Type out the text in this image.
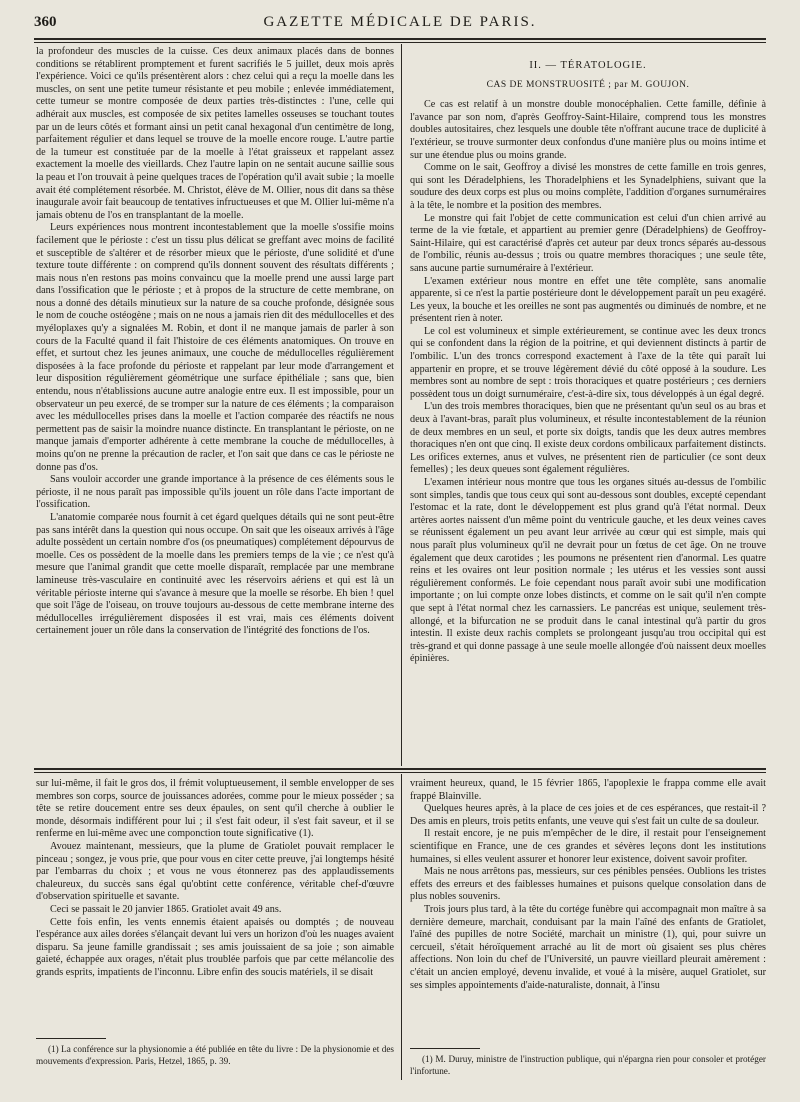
360	GAZETTE MÉDICALE DE PARIS.

la profondeur des muscles de la cuisse. Ces deux animaux placés dans de bonnes conditions se rétablirent promptement et furent sacrifiés le 5 juillet, deux mois après l'expérience. Voici ce qu'ils présentèrent alors : chez celui qui a reçu la moelle dans les muscles, on sent une petite tumeur résistante et peu mobile ; enlevée immédiatement, cette tumeur se montre composée de deux parties très-distinctes : l'une, celle qui adhérait aux muscles, est composée de six petites lamelles osseuses se touchant toutes par un de leurs côtés et formant ainsi un petit canal hexagonal d'un centimètre de long, parfaitement régulier et dans lequel se trouve de la moelle encore rouge. L'autre partie de la tumeur est constituée par de la moelle à l'état graisseux et rappelant assez exactement la moelle des vieillards. Chez l'autre lapin on ne sentait aucune saillie sous la peau et l'on trouvait à peine quelques traces de l'opération qu'il avait subie ; la moelle avait été complétement résorbée. M. Christot, élève de M. Ollier, nous dit dans sa thèse inaugurale avoir fait beaucoup de tentatives infructueuses et que M. Ollier lui-même n'a jamais obtenu de l'os en transplantant de la moelle.

Leurs expériences nous montrent incontestablement que la moelle s'ossifie moins facilement que le périoste : c'est un tissu plus délicat se greffant avec moins de facilité et susceptible de s'altérer et de résorber mieux que le périoste, d'une solidité et d'une texture toute différente : on comprend qu'ils donnent souvent des résultats différents ; mais nous n'en restons pas moins convaincu que la moelle prend une aussi large part dans l'ossification que le périoste ; et à propos de la structure de cette membrane, on nous a donné des détails minutieux sur la nature de sa couche profonde, désignée sous le nom de couche ostéogène ; mais on ne nous a jamais rien dit des médullocelles et des myéloplaxes qu'y a signalées M. Robin, et dont il ne manque jamais de parler à son cours de la Faculté quand il fait l'histoire de ces éléments anatomiques. On trouve en effet, et surtout chez les jeunes animaux, une couche de médullocelles régulièrement disposées à la face profonde du périoste et rappelant par leur mode d'arrangement et leur disposition régulièrement géométrique une surface épithéliale ; sans que, bien entendu, nous n'établissions aucune autre analogie entre eux. Il est impossible, pour un observateur un peu exercé, de se tromper sur la nature de ces éléments ; la comparaison avec les médullocelles prises dans la moelle et l'action comparée des réactifs ne nous permettent pas de saisir la moindre nuance distincte. En transplantant le périoste, on ne manque jamais d'emporter adhérente à cette membrane la couche de médullocelles, à moins qu'on ne prenne la précaution de racler, et l'on sait que dans ce cas le périoste ne donne pas d'os.

Sans vouloir accorder une grande importance à la présence de ces éléments sous le périoste, il ne nous paraît pas impossible qu'ils jouent un rôle dans l'acte important de l'ossification.

L'anatomie comparée nous fournit à cet égard quelques détails qui ne sont peut-être pas sans intérêt dans la question qui nous occupe. On sait que les oiseaux arrivés à l'âge adulte possèdent un certain nombre d'os (os pneumatiques) complétement dépourvus de moelle. Ces os possèdent de la moelle dans les premiers temps de la vie ; ce n'est qu'à mesure que l'animal grandit que cette moelle disparaît, remplacée par une membrane lamineuse très-vasculaire en continuité avec les réservoirs aériens et qui est là un véritable périoste interne qui s'avance à mesure que la moelle se résorbe. Eh bien ! quel que soit l'âge de l'oiseau, on trouve toujours au-dessous de cette membrane interne des médullocelles irrégulièrement disposées il est vrai, mais ces éléments doivent certainement jouer un rôle dans la conservation de l'intégrité des fonctions de l'os.

II. — TÉRATOLOGIE.
CAS DE MONSTRUOSITÉ ; par M. GOUJON.

Ce cas est relatif à un monstre double monocéphalien. Cette famille, définie à l'avance par son nom, d'après Geoffroy-Saint-Hilaire, comprend tous les monstres doubles autositaires, chez lesquels une double tête n'offrant aucune trace de duplicité à l'extérieur, se trouve surmonter deux confondus d'une manière plus ou moins intime et sur une étendue plus ou moins grande.

Comme on le sait, Geoffroy a divisé les monstres de cette famille en trois genres, qui sont les Déradelphiens, les Thoradelphiens et les Synadelphiens, suivant que la soudure des deux corps est plus ou moins complète, l'addition d'organes surnuméraires à la tête, le nombre et la position des membres.

Le monstre qui fait l'objet de cette communication est celui d'un chien arrivé au terme de la vie fœtale, et appartient au premier genre (Déradelphiens) de Geoffroy-Saint-Hilaire, qui est caractérisé d'après cet auteur par deux troncs séparés au-dessous de l'ombilic, réunis au-dessus ; trois ou quatre membres thoraciques ; une seule tête, sans aucune partie surnuméraire à l'extérieur.

L'examen extérieur nous montre en effet une tête complète, sans anomalie apparente, si ce n'est la partie postérieure dont le développement paraît un peu exagéré. Les yeux, la bouche et les oreilles ne sont pas augmentés ou diminués de nombre, et ne présentent rien à noter.

Le col est volumineux et simple extérieurement, se continue avec les deux troncs qui se confondent dans la région de la poitrine, et qui deviennent distincts à partir de l'ombilic. L'un des troncs correspond exactement à l'axe de la tête qui paraît lui appartenir en propre, et se trouve légèrement dévié du côté opposé à la soudure. Les membres sont au nombre de sept : trois thoraciques et quatre postérieurs ; ces derniers possèdent tous un doigt surnuméraire, c'est-à-dire six, tous développés à un égal degré.

L'un des trois membres thoraciques, bien que ne présentant qu'un seul os au bras et deux à l'avant-bras, paraît plus volumineux, et résulte incontestablement de la réunion de deux membres en un seul, et porte six doigts, tandis que les deux autres membres thoraciques n'en ont que cinq. Il existe deux cordons ombilicaux parfaitement distincts. Les orifices externes, anus et vulves, ne présentent rien de particulier (ce sont deux femelles) ; les deux queues sont également régulières.

L'examen intérieur nous montre que tous les organes situés au-dessus de l'ombilic sont simples, tandis que tous ceux qui sont au-dessous sont doubles, excepté cependant l'estomac et la rate, dont le développement est plus grand qu'à l'état normal. Deux artères aortes naissent d'un même point du ventricule gauche, et les deux veines caves se réunissent également un peu avant leur arrivée au cœur qui est simple, mais qui nous paraît plus volumineux qu'il ne devrait pour un fœtus de cet âge. On ne trouve également que deux carotides ; les poumons ne présentent rien d'anormal. Les quatre reins et les ovaires ont leur position normale ; les utérus et les vessies sont aussi régulièrement conformés. Le foie cependant nous paraît avoir subi une modification importante ; on lui compte onze lobes distincts, et comme on le sait qu'il n'en compte que sept à l'état normal chez les carnassiers. Le pancréas est unique, seulement très-allongé, et la bifurcation ne se produit dans le canal intestinal qu'à partir du gros intestin. Il existe deux rachis complets se prolongeant jusqu'au trou occipital qui est très-grand et qui donne passage à une seule moelle allongée d'où naissent deux moelles épinières.

sur lui-même, il fait le gros dos, il frémit voluptueusement, il semble envelopper de ses membres son corps, source de jouissances adorées, comme pour le mieux posséder ; sa tête se retire doucement entre ses deux épaules, on sent qu'il cherche à oublier le monde, désormais indifférent pour lui ; il s'est fait odeur, il s'est fait saveur, et il se renferme en lui-même avec une componction toute significative (1).

Avouez maintenant, messieurs, que la plume de Gratiolet pouvait remplacer le pinceau ; songez, je vous prie, que pour vous en citer cette preuve, j'ai longtemps hésité par l'embarras du choix ; et vous ne vous étonnerez pas des applaudissements chaleureux, du succès sans égal qu'obtint cette conférence, véritable chef-d'œuvre d'observation spirituelle et savante.

Ceci se passait le 20 janvier 1865. Gratiolet avait 49 ans.

Cette fois enfin, les vents ennemis étaient apaisés ou domptés ; de nouveau l'espérance aux ailes dorées s'élançait devant lui vers un horizon d'où les nuages avaient disparu. Sa jeune famille grandissait ; ses amis jouissaient de sa joie ; son aimable gaieté, échappée aux orages, n'était plus troublée parfois que par cette mélancolie des grands esprits, impatients de l'inconnu. Libre enfin des soucis matériels, il se disait

vraiment heureux, quand, le 15 février 1865, l'apoplexie le frappa comme elle avait frappé Blainville.

Quelques heures après, à la place de ces joies et de ces espérances, que restait-il ? Des amis en pleurs, trois petits enfants, une veuve qui s'est fait un culte de sa douleur.

Il restait encore, je ne puis m'empêcher de le dire, il restait pour l'enseignement scientifique en France, une de ces grandes et sévères leçons dont les institutions humaines, si elles veulent assurer et honorer leur existence, doivent savoir profiter.

Mais ne nous arrêtons pas, messieurs, sur ces pénibles pensées. Oublions les tristes effets des erreurs et des faiblesses humaines et puisons quelque consolation dans de plus nobles souvenirs.

Trois jours plus tard, à la tête du cortége funèbre qui accompagnait mon maître à sa dernière demeure, marchait, conduisant par la main l'aîné des enfants de Gratiolet, l'aîné des pupilles de notre Société, marchait un ministre (1), qui, pour suivre un cercueil, s'était héroïquement arraché au lit de mort où gisaient ses plus chères affections. Non loin du chef de l'Université, un pauvre vieillard pleurait amèrement : c'était un ancien employé, devenu invalide, et voué à la misère, auquel Gratiolet, sur ses simples appointements d'aide-naturaliste, donnait, à l'insu

(1) La conférence sur la physionomie a été publiée en tête du livre : De la physionomie et des mouvements d'expression. Paris, Hetzel, 1865, p. 39.	(1) M. Duruy, ministre de l'instruction publique, qui n'épargna rien pour consoler et protéger l'infortune.
